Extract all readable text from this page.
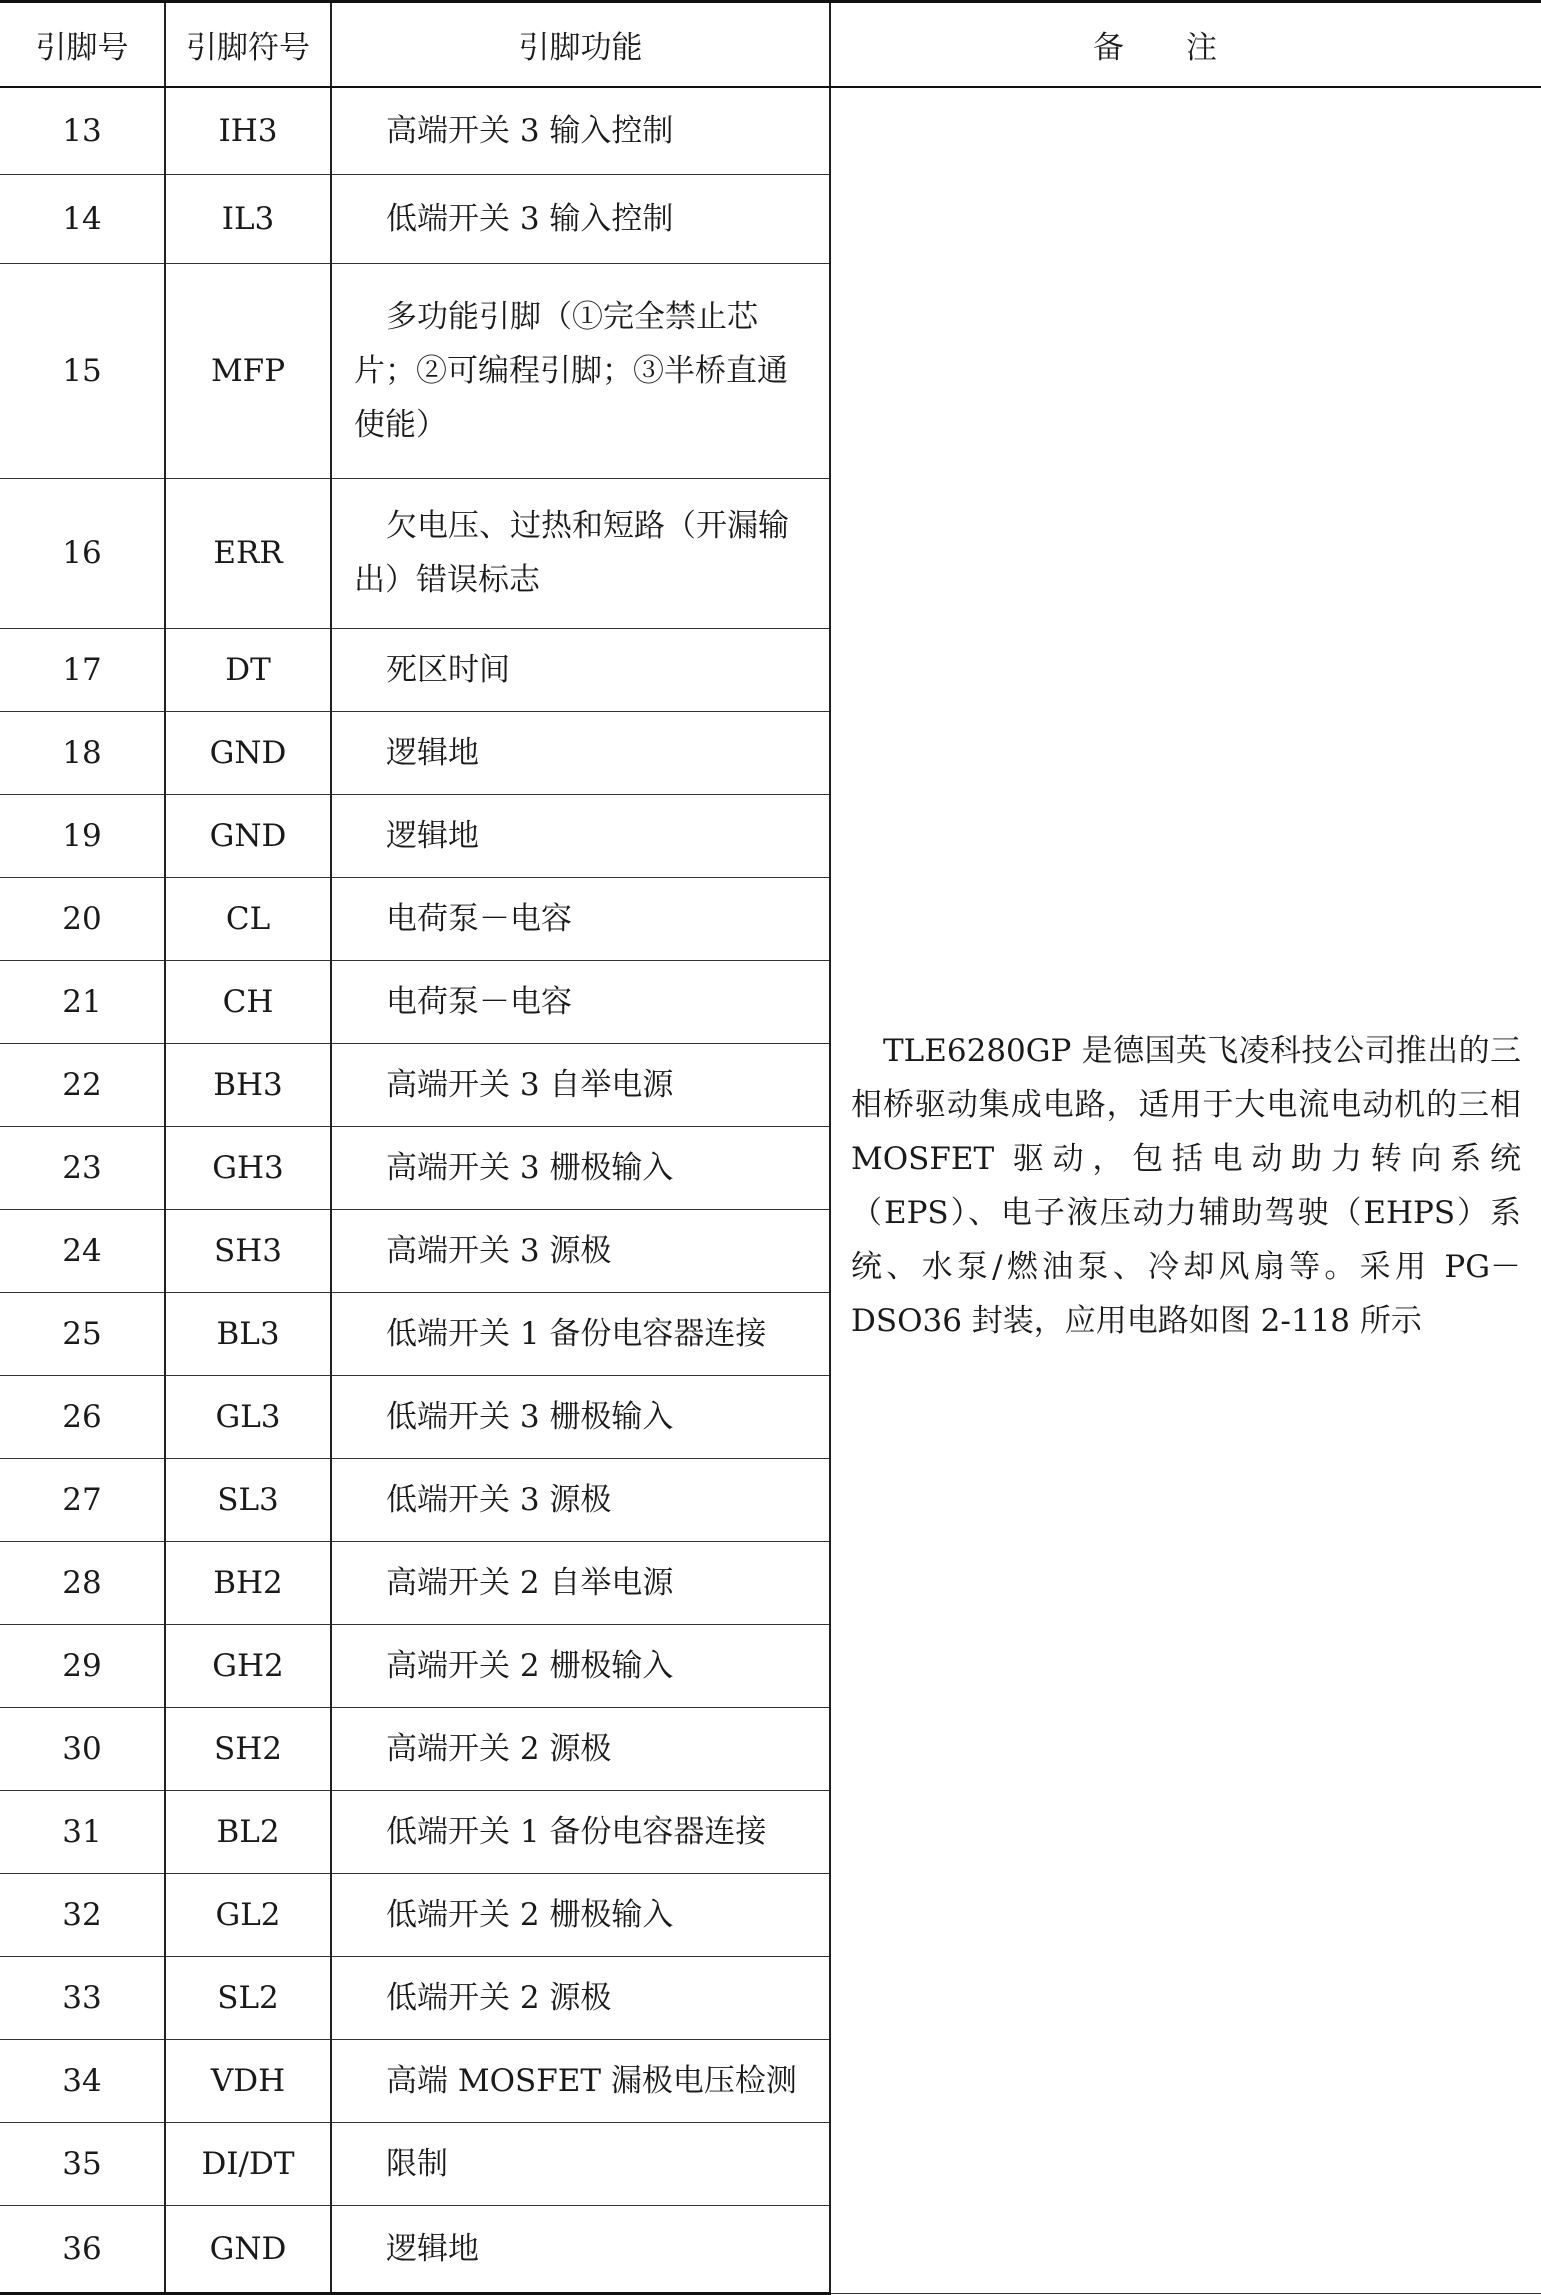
引脚号	引脚符号	引脚功能	备注
13	IH3	高端开关 3 输入控制	
14	IL3	低端开关 3 输入控制	
15	MFP	多功能引脚（①完全禁止芯片；②可编程引脚；③半桥直通使能）	
16	ERR	欠电压、过热和短路（开漏输出）错误标志	
17	DT	死区时间	
18	GND	逻辑地	
19	GND	逻辑地	
20	CL	电荷泵－电容	
21	CH	电荷泵－电容	
22	BH3	高端开关 3 自举电源	
23	GH3	高端开关 3 栅极输入	
24	SH3	高端开关 3 源极	
25	BL3	低端开关 1 备份电容器连接	
26	GL3	低端开关 3 栅极输入	
27	SL3	低端开关 3 源极	
28	BH2	高端开关 2 自举电源	
29	GH2	高端开关 2 栅极输入	
30	SH2	高端开关 2 源极	
31	BL2	低端开关 1 备份电容器连接	
32	GL2	低端开关 2 栅极输入	
33	SL2	低端开关 2 源极	
34	VDH	高端 MOSFET 漏极电压检测	
35	DI/DT	限制	
36	GND	逻辑地	
TLE6280GP 是德国英飞凌科技公司推出的三相桥驱动集成电路，适用于大电流电动机的三相 MOSFET 驱动，包括电动助力转向系统（EPS）、电子液压动力辅助驾驶（EHPS）系统、水泵/燃油泵、冷却风扇等。采用 PG－DSO36 封装，应用电路如图 2-118 所示
